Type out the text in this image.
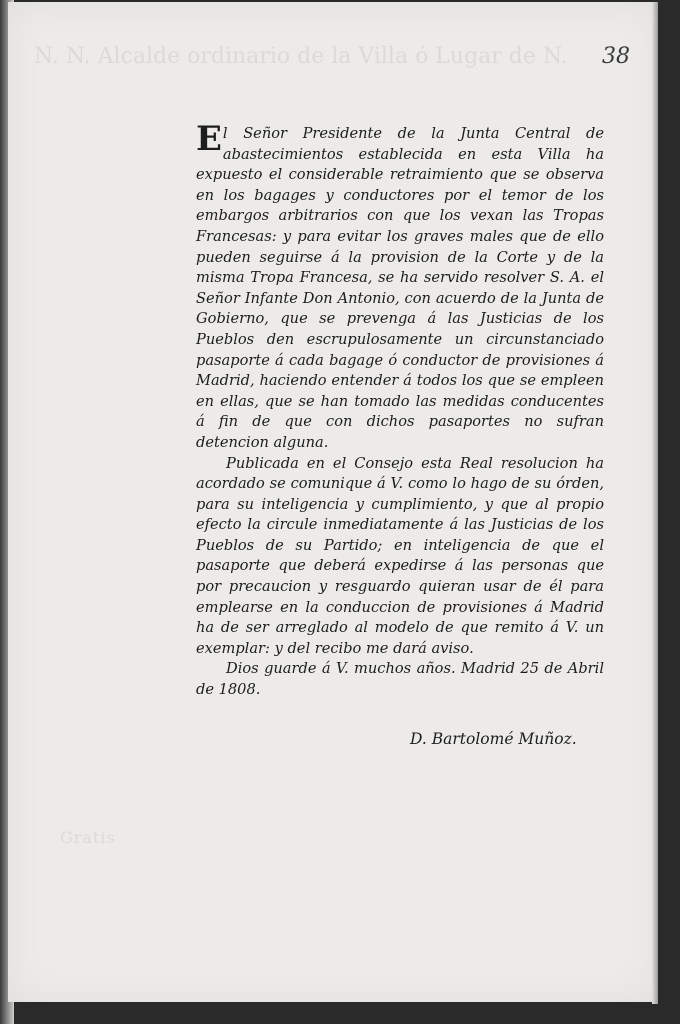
N. N. Alcalde ordinario de la Villa ó Lugar de N.
Gratis
38

El Señor Presidente de la Junta Central de abastecimientos establecida en esta Villa ha expuesto el considerable retraimiento que se observa en los bagages y conductores por el temor de los embargos arbitrarios con que los vexan las Tropas Francesas: y para evitar los graves males que de ello pueden seguirse á la provision de la Corte y de la misma Tropa Francesa, se ha servido resolver S. A. el Señor Infante Don Antonio, con acuerdo de la Junta de Gobierno, que se prevenga á las Justicias de los Pueblos den escrupulosamente un circunstanciado pasaporte á cada bagage ó conductor de provisiones á Madrid, haciendo entender á todos los que se empleen en ellas, que se han tomado las medidas conducentes á fin de que con dichos pasaportes no sufran detencion alguna.

Publicada en el Consejo esta Real resolucion ha acordado se comunique á V. como lo hago de su órden, para su inteligencia y cumplimiento, y que al propio efecto la circule inmediatamente á las Justicias de los Pueblos de su Partido; en inteligencia de que el pasaporte que deberá expedirse á las personas que por precaucion y resguardo quieran usar de él para emplearse en la conduccion de provisiones á Madrid ha de ser arreglado al modelo de que remito á V. un exemplar: y del recibo me dará aviso.

Dios guarde á V. muchos años. Madrid 25 de Abril de 1808.

D. Bartolomé Muñoz.
